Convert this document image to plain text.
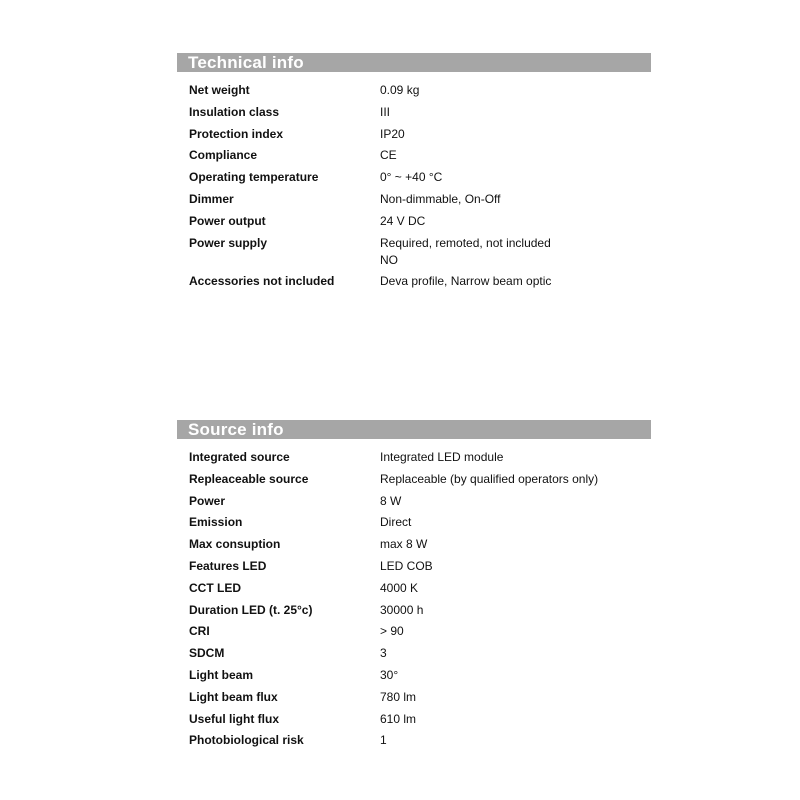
Technical info
Net weight	0.09 kg
Insulation class	III
Protection index	IP20
Compliance	CE
Operating temperature	0° ~ +40 °C
Dimmer	Non-dimmable, On-Off
Power output	24 V DC
Power supply	Required, remoted, not included
NO
Accessories not included	Deva profile, Narrow beam optic
Source info
Integrated source	Integrated LED module
Repleaceable source	Replaceable (by qualified operators only)
Power	8 W
Emission	Direct
Max consuption	max 8 W
Features LED	LED COB
CCT LED	4000 K
Duration LED (t. 25°c)	30000 h
CRI	> 90
SDCM	3
Light beam	30°
Light beam flux	780 lm
Useful light flux	610 lm
Photobiological risk	1
